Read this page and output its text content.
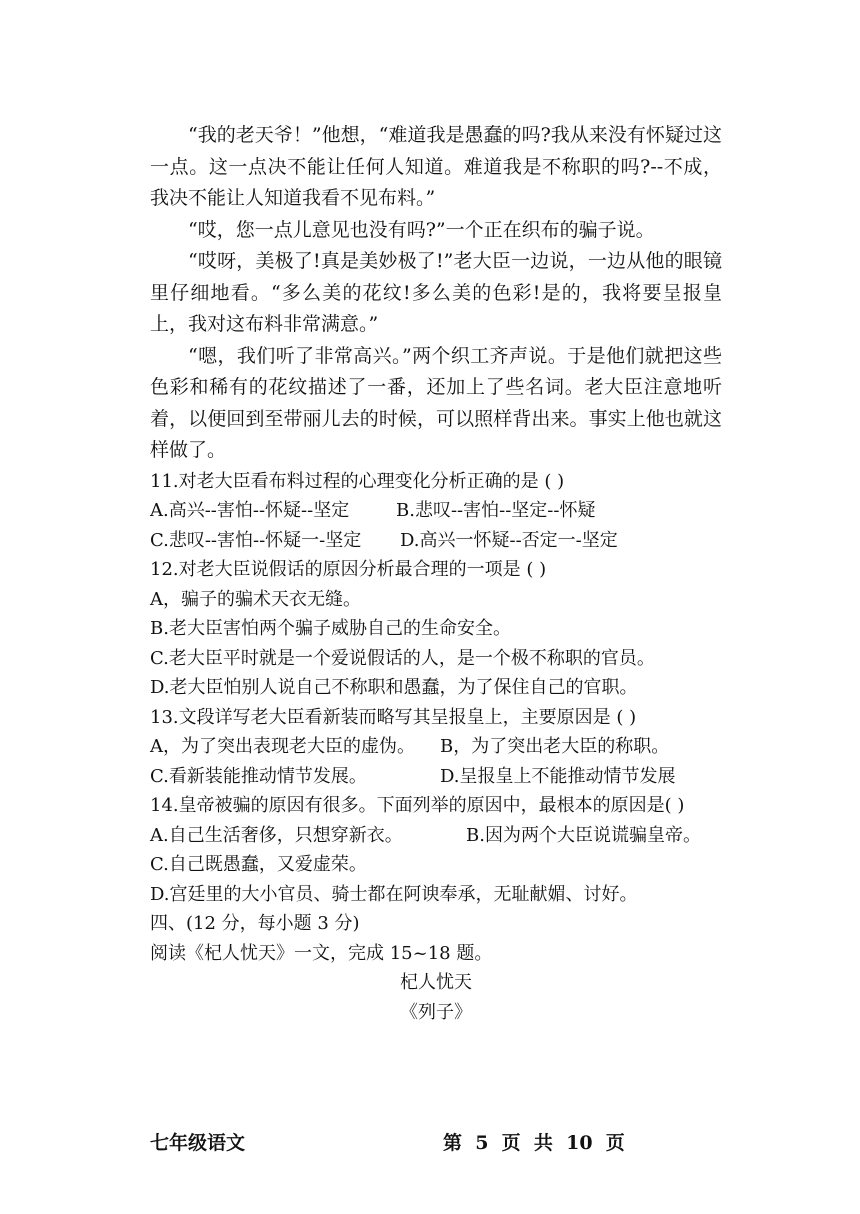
“我的老天爷！”他想，“难道我是愚蠢的吗?我从来没有怀疑过这一点。这一点决不能让任何人知道。难道我是不称职的吗?--不成，我决不能让人知道我看不见布料。”

“哎，您一点儿意见也没有吗?”一个正在织布的骗子说。

“哎呀，美极了!真是美妙极了!”老大臣一边说，一边从他的眼镜里仔细地看。“多么美的花纹!多么美的色彩!是的，我将要呈报皇上，我对这布料非常满意。”

“嗯，我们听了非常高兴。”两个织工齐声说。于是他们就把这些色彩和稀有的花纹描述了一番，还加上了些名词。老大臣注意地听着，以便回到至带丽儿去的时候，可以照样背出来。事实上他也就这样做了。

11.对老大臣看布料过程的心理变化分析正确的是 ( )

A.高兴--害怕--怀疑--坚定	B.悲叹--害怕--坚定--怀疑
C.悲叹--害怕--怀疑一-坚定	D.高兴一怀疑--否定一-坚定

12.对老大臣说假话的原因分析最合理的一项是 ( )

A，骗子的骗术天衣无缝。

B.老大臣害怕两个骗子威胁自己的生命安全。

C.老大臣平时就是一个爱说假话的人，是一个极不称职的官员。

D.老大臣怕别人说自己不称职和愚蠢，为了保住自己的官职。

13.文段详写老大臣看新装而略写其呈报皇上，主要原因是 ( )

A，为了突出表现老大臣的虚伪。	B，为了突出老大臣的称职。
C.看新装能推动情节发展。	D.呈报皇上不能推动情节发展

14.皇帝被骗的原因有很多。下面列举的原因中，最根本的原因是( )

A.自己生活奢侈，只想穿新衣。	B.因为两个大臣说谎骗皇帝。

C.自己既愚蠢，又爱虚荣。

D.宫廷里的大小官员、骑士都在阿谀奉承，无耻献媚、讨好。

四、(12 分，每小题 3 分)

阅读《杞人忧天》一文，完成 15~18 题。

杞人忧天

《列子》

七年级语文	第  5  页  共  10  页
